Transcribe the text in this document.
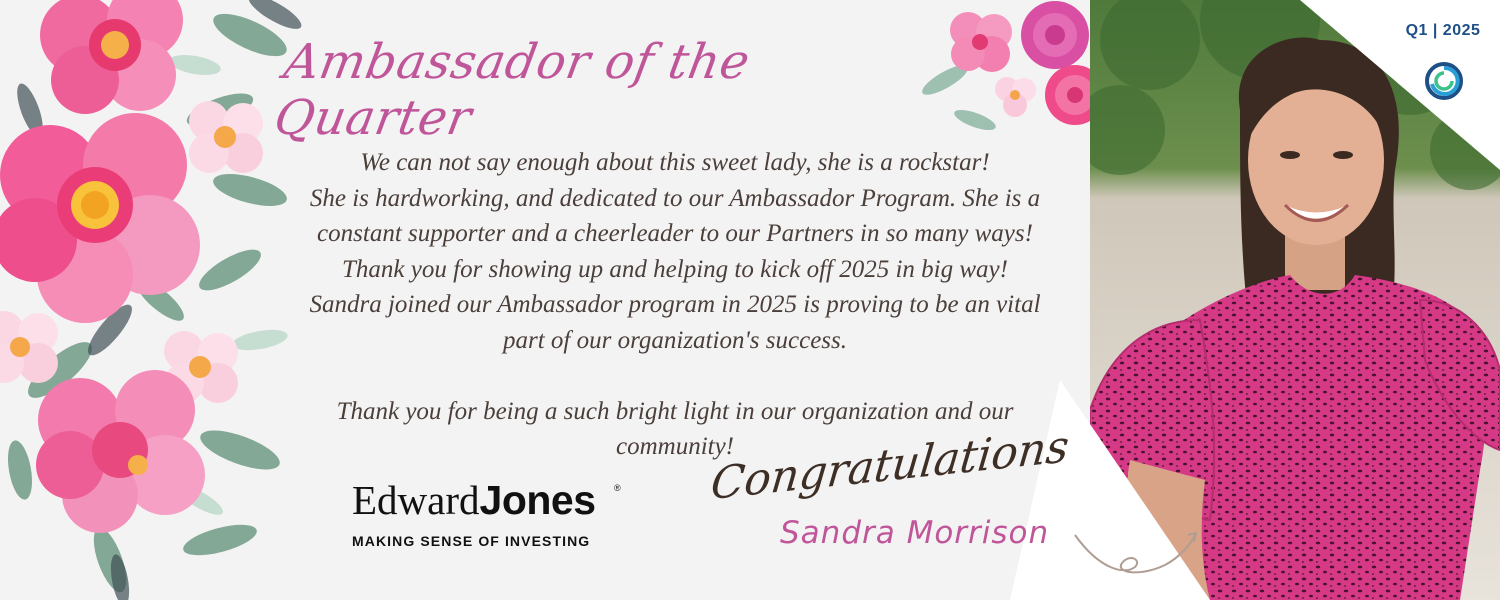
Q1 | 2025
Ambassador of the Quarter
We can not say enough about this sweet lady, she is a rockstar!
She is hardworking, and dedicated to our Ambassador Program. She is a
constant supporter and a cheerleader to our Partners in so many ways!
Thank you for showing up and helping to kick off 2025 in big way!
Sandra joined our Ambassador program in 2025 is proving to be an vital
part of our organization's success.
Thank you for being a such bright light in our organization and our
community!
EdwardJones	®
MAKING SENSE OF INVESTING
Congratulations
Sandra Morrison
